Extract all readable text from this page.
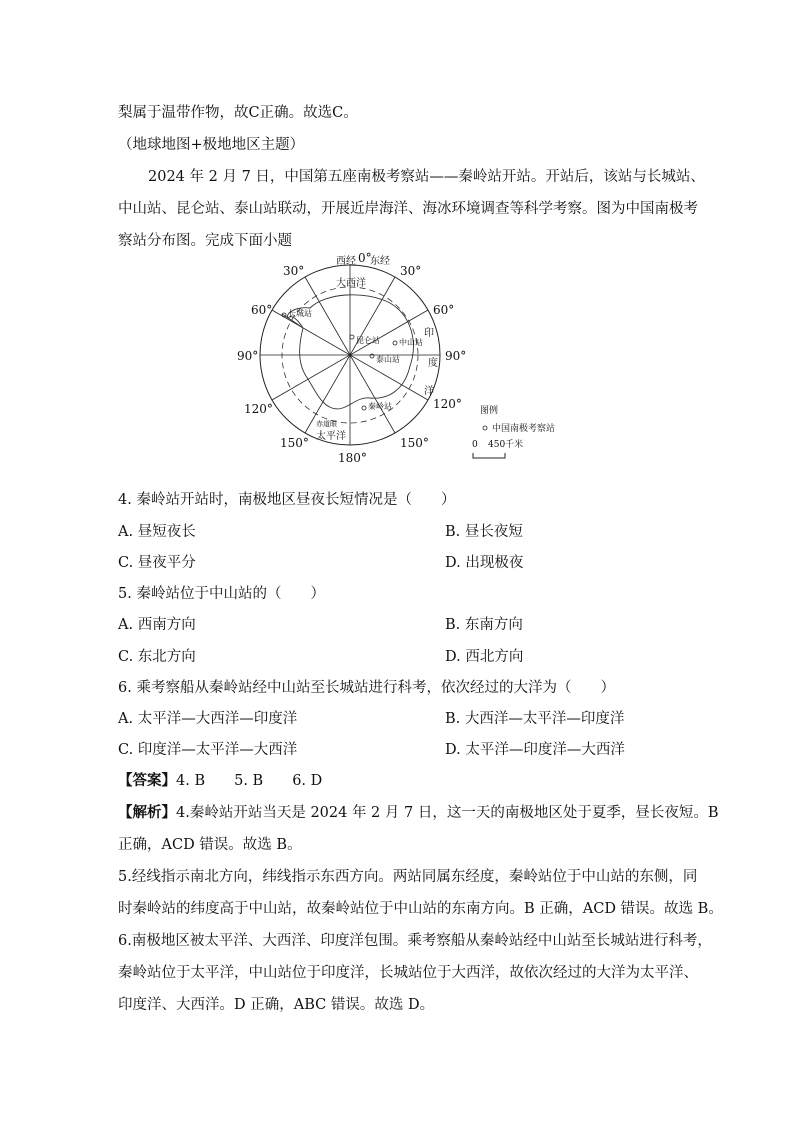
梨属于温带作物，故C正确。故选C。
（地球地图+极地地区主题）
2024 年 2 月 7 日，中国第五座南极考察站——秦岭站开站。开站后，该站与长城站、
中山站、昆仑站、泰山站联动，开展近岸海洋、海冰环境调查等科学考察。图为中国南极考
察站分布图。完成下面小题
西经 0°
东经
30°	30°
60°	60°
90°	90°
120°	120°
150°	150°
180°
大西洋
印
度
洋
太平洋
长城站
昆仑站 中山站
泰山站
秦岭站
赤道眼
图例
中国南极考察站
0 450千米
4. 秦岭站开站时，南极地区昼夜长短情况是（　　）
A. 昼短夜长	B. 昼长夜短
C. 昼夜平分	D. 出现极夜
5. 秦岭站位于中山站的（　　）
A. 西南方向	B. 东南方向
C. 东北方向	D. 西北方向
6. 乘考察船从秦岭站经中山站至长城站进行科考，依次经过的大洋为（　　）
A. 太平洋—大西洋—印度洋	B. 大西洋—太平洋—印度洋
C. 印度洋—太平洋—大西洋	D. 太平洋—印度洋—大西洋
【答案】4. B　　5. B　　6. D
【解析】4.秦岭站开站当天是 2024 年 2 月 7 日，这一天的南极地区处于夏季，昼长夜短。B
正确，ACD 错误。故选 B。
5.经线指示南北方向，纬线指示东西方向。两站同属东经度，秦岭站位于中山站的东侧，同
时秦岭站的纬度高于中山站，故秦岭站位于中山站的东南方向。B 正确，ACD 错误。故选 B。
6.南极地区被太平洋、大西洋、印度洋包围。乘考察船从秦岭站经中山站至长城站进行科考，
秦岭站位于太平洋，中山站位于印度洋，长城站位于大西洋，故依次经过的大洋为太平洋、
印度洋、大西洋。D 正确，ABC 错误。故选 D。
